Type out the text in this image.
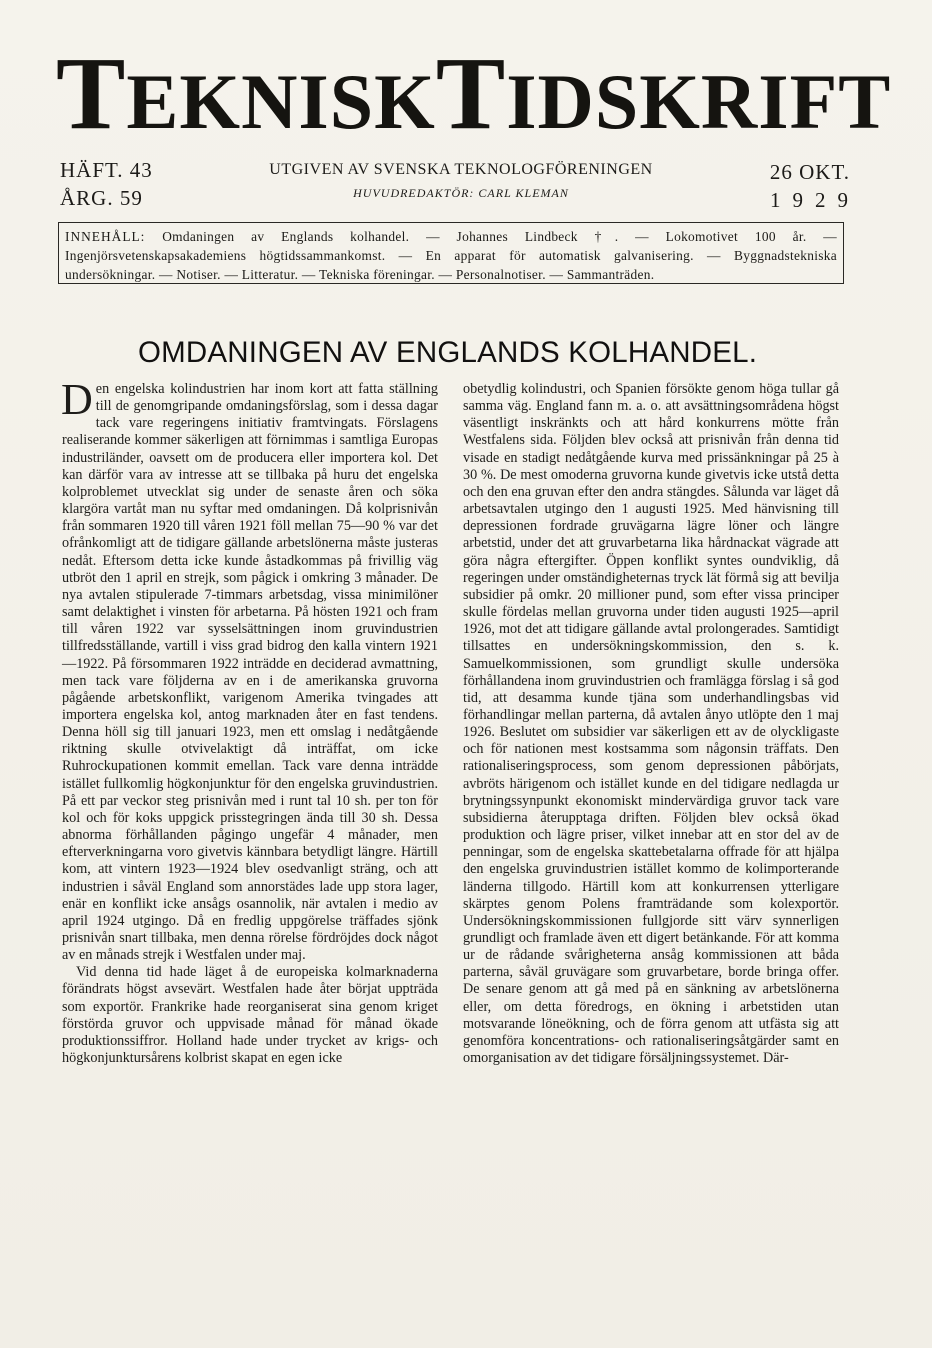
TEKNISKTIDSKRIFT
HÄFT. 43
ÅRG. 59
UTGIVEN AV SVENSKA TEKNOLOGFÖRENINGEN
HUVUDREDAKTÖR: CARL KLEMAN
26 OKT.
1929
INNEHÅLL: Omdaningen av Englands kolhandel. — Johannes Lindbeck †. — Lokomotivet 100 år. — Ingenjörsvetenskapsakademiens högtidssammankomst. — En apparat för automatisk galvanisering. — Byggnadstekniska undersökningar. — Notiser. — Litteratur. — Tekniska föreningar. — Personalnotiser. — Sammanträden.
OMDANINGEN AV ENGLANDS KOLHANDEL.

Den engelska kolindustrien har inom kort att fatta ställning till de genomgripande omdaningsförslag, som i dessa dagar tack vare regeringens initiativ framtvingats. Förslagens realiserande kommer säkerligen att förnimmas i samtliga Europas industriländer, oavsett om de producera eller importera kol. Det kan därför vara av intresse att se tillbaka på huru det engelska kolproblemet utvecklat sig under de senaste åren och söka klargöra vartåt man nu syftar med omdaningen. Då kolprisnivån från sommaren 1920 till våren 1921 föll mellan 75—90 % var det ofrånkomligt att de tidigare gällande arbetslönerna måste justeras nedåt. Eftersom detta icke kunde åstadkommas på frivillig väg utbröt den 1 april en strejk, som pågick i omkring 3 månader. De nya avtalen stipulerade 7-timmars arbetsdag, vissa minimilöner samt delaktighet i vinsten för arbetarna. På hösten 1921 och fram till våren 1922 var sysselsättningen inom gruvindustrien tillfredsställande, vartill i viss grad bidrog den kalla vintern 1921—1922. På försommaren 1922 inträdde en deciderad avmattning, men tack vare följderna av en i de amerikanska gruvorna pågående arbetskonflikt, varigenom Amerika tvingades att importera engelska kol, antog marknaden åter en fast tendens. Denna höll sig till januari 1923, men ett omslag i nedåtgående riktning skulle otvivelaktigt då inträffat, om icke Ruhrockupationen kommit emellan. Tack vare denna inträdde istället fullkomlig högkonjunktur för den engelska gruvindustrien. På ett par veckor steg prisnivån med i runt tal 10 sh. per ton för kol och för koks uppgick prisstegringen ända till 30 sh. Dessa abnorma förhållanden pågingo ungefär 4 månader, men efterverkningarna voro givetvis kännbara betydligt längre. Härtill kom, att vintern 1923—1924 blev osedvanligt sträng, och att industrien i såväl England som annorstädes lade upp stora lager, enär en konflikt icke ansågs osannolik, när avtalen i medio av april 1924 utgingo. Då en fredlig uppgörelse träffades sjönk prisnivån snart tillbaka, men denna rörelse fördröjdes dock något av en månads strejk i Westfalen under maj.

Vid denna tid hade läget å de europeiska kolmarknaderna förändrats högst avsevärt. Westfalen hade åter börjat uppträda som exportör. Frankrike hade reorganiserat sina genom kriget förstörda gruvor och uppvisade månad för månad ökade produktionssiffror. Holland hade under trycket av krigs- och högkonjunktursårens kolbrist skapat en egen icke

obetydlig kolindustri, och Spanien försökte genom höga tullar gå samma väg. England fann m. a. o. att avsättningsområdena högst väsentligt inskränkts och att hård konkurrens mötte från Westfalens sida. Följden blev också att prisnivån från denna tid visade en stadigt nedåtgående kurva med prissänkningar på 25 à 30 %. De mest omoderna gruvorna kunde givetvis icke utstå detta och den ena gruvan efter den andra stängdes. Sålunda var läget då arbetsavtalen utgingo den 1 augusti 1925. Med hänvisning till depressionen fordrade gruvägarna lägre löner och längre arbetstid, under det att gruvarbetarna lika hårdnackat vägrade att göra några eftergifter. Öppen konflikt syntes oundviklig, då regeringen under omständigheternas tryck lät förmå sig att bevilja subsidier på omkr. 20 millioner pund, som efter vissa principer skulle fördelas mellan gruvorna under tiden augusti 1925—april 1926, mot det att tidigare gällande avtal prolongerades. Samtidigt tillsattes en undersökningskommission, den s. k. Samuelkommissionen, som grundligt skulle undersöka förhållandena inom gruvindustrien och framlägga förslag i så god tid, att desamma kunde tjäna som underhandlingsbas vid förhandlingar mellan parterna, då avtalen ånyo utlöpte den 1 maj 1926. Beslutet om subsidier var säkerligen ett av de olyckligaste och för nationen mest kostsamma som någonsin träffats. Den rationaliseringsprocess, som genom depressionen påbörjats, avbröts härigenom och istället kunde en del tidigare nedlagda ur brytningssynpunkt ekonomiskt mindervärdiga gruvor tack vare subsidierna återupptaga driften. Följden blev också ökad produktion och lägre priser, vilket innebar att en stor del av de penningar, som de engelska skattebetalarna offrade för att hjälpa den engelska gruvindustrien istället kommo de kolimporterande länderna tillgodo. Härtill kom att konkurrensen ytterligare skärptes genom Polens framträdande som kolexportör. Undersökningskommissionen fullgjorde sitt värv synnerligen grundligt och framlade även ett digert betänkande. För att komma ur de rådande svårigheterna ansåg kommissionen att båda parterna, såväl gruvägare som gruvarbetare, borde bringa offer. De senare genom att gå med på en sänkning av arbetslönerna eller, om detta föredrogs, en ökning i arbetstiden utan motsvarande löneökning, och de förra genom att utfästa sig att genomföra koncentrations- och rationaliseringsåtgärder samt en omorganisation av det tidigare försäljningssystemet. Där-
